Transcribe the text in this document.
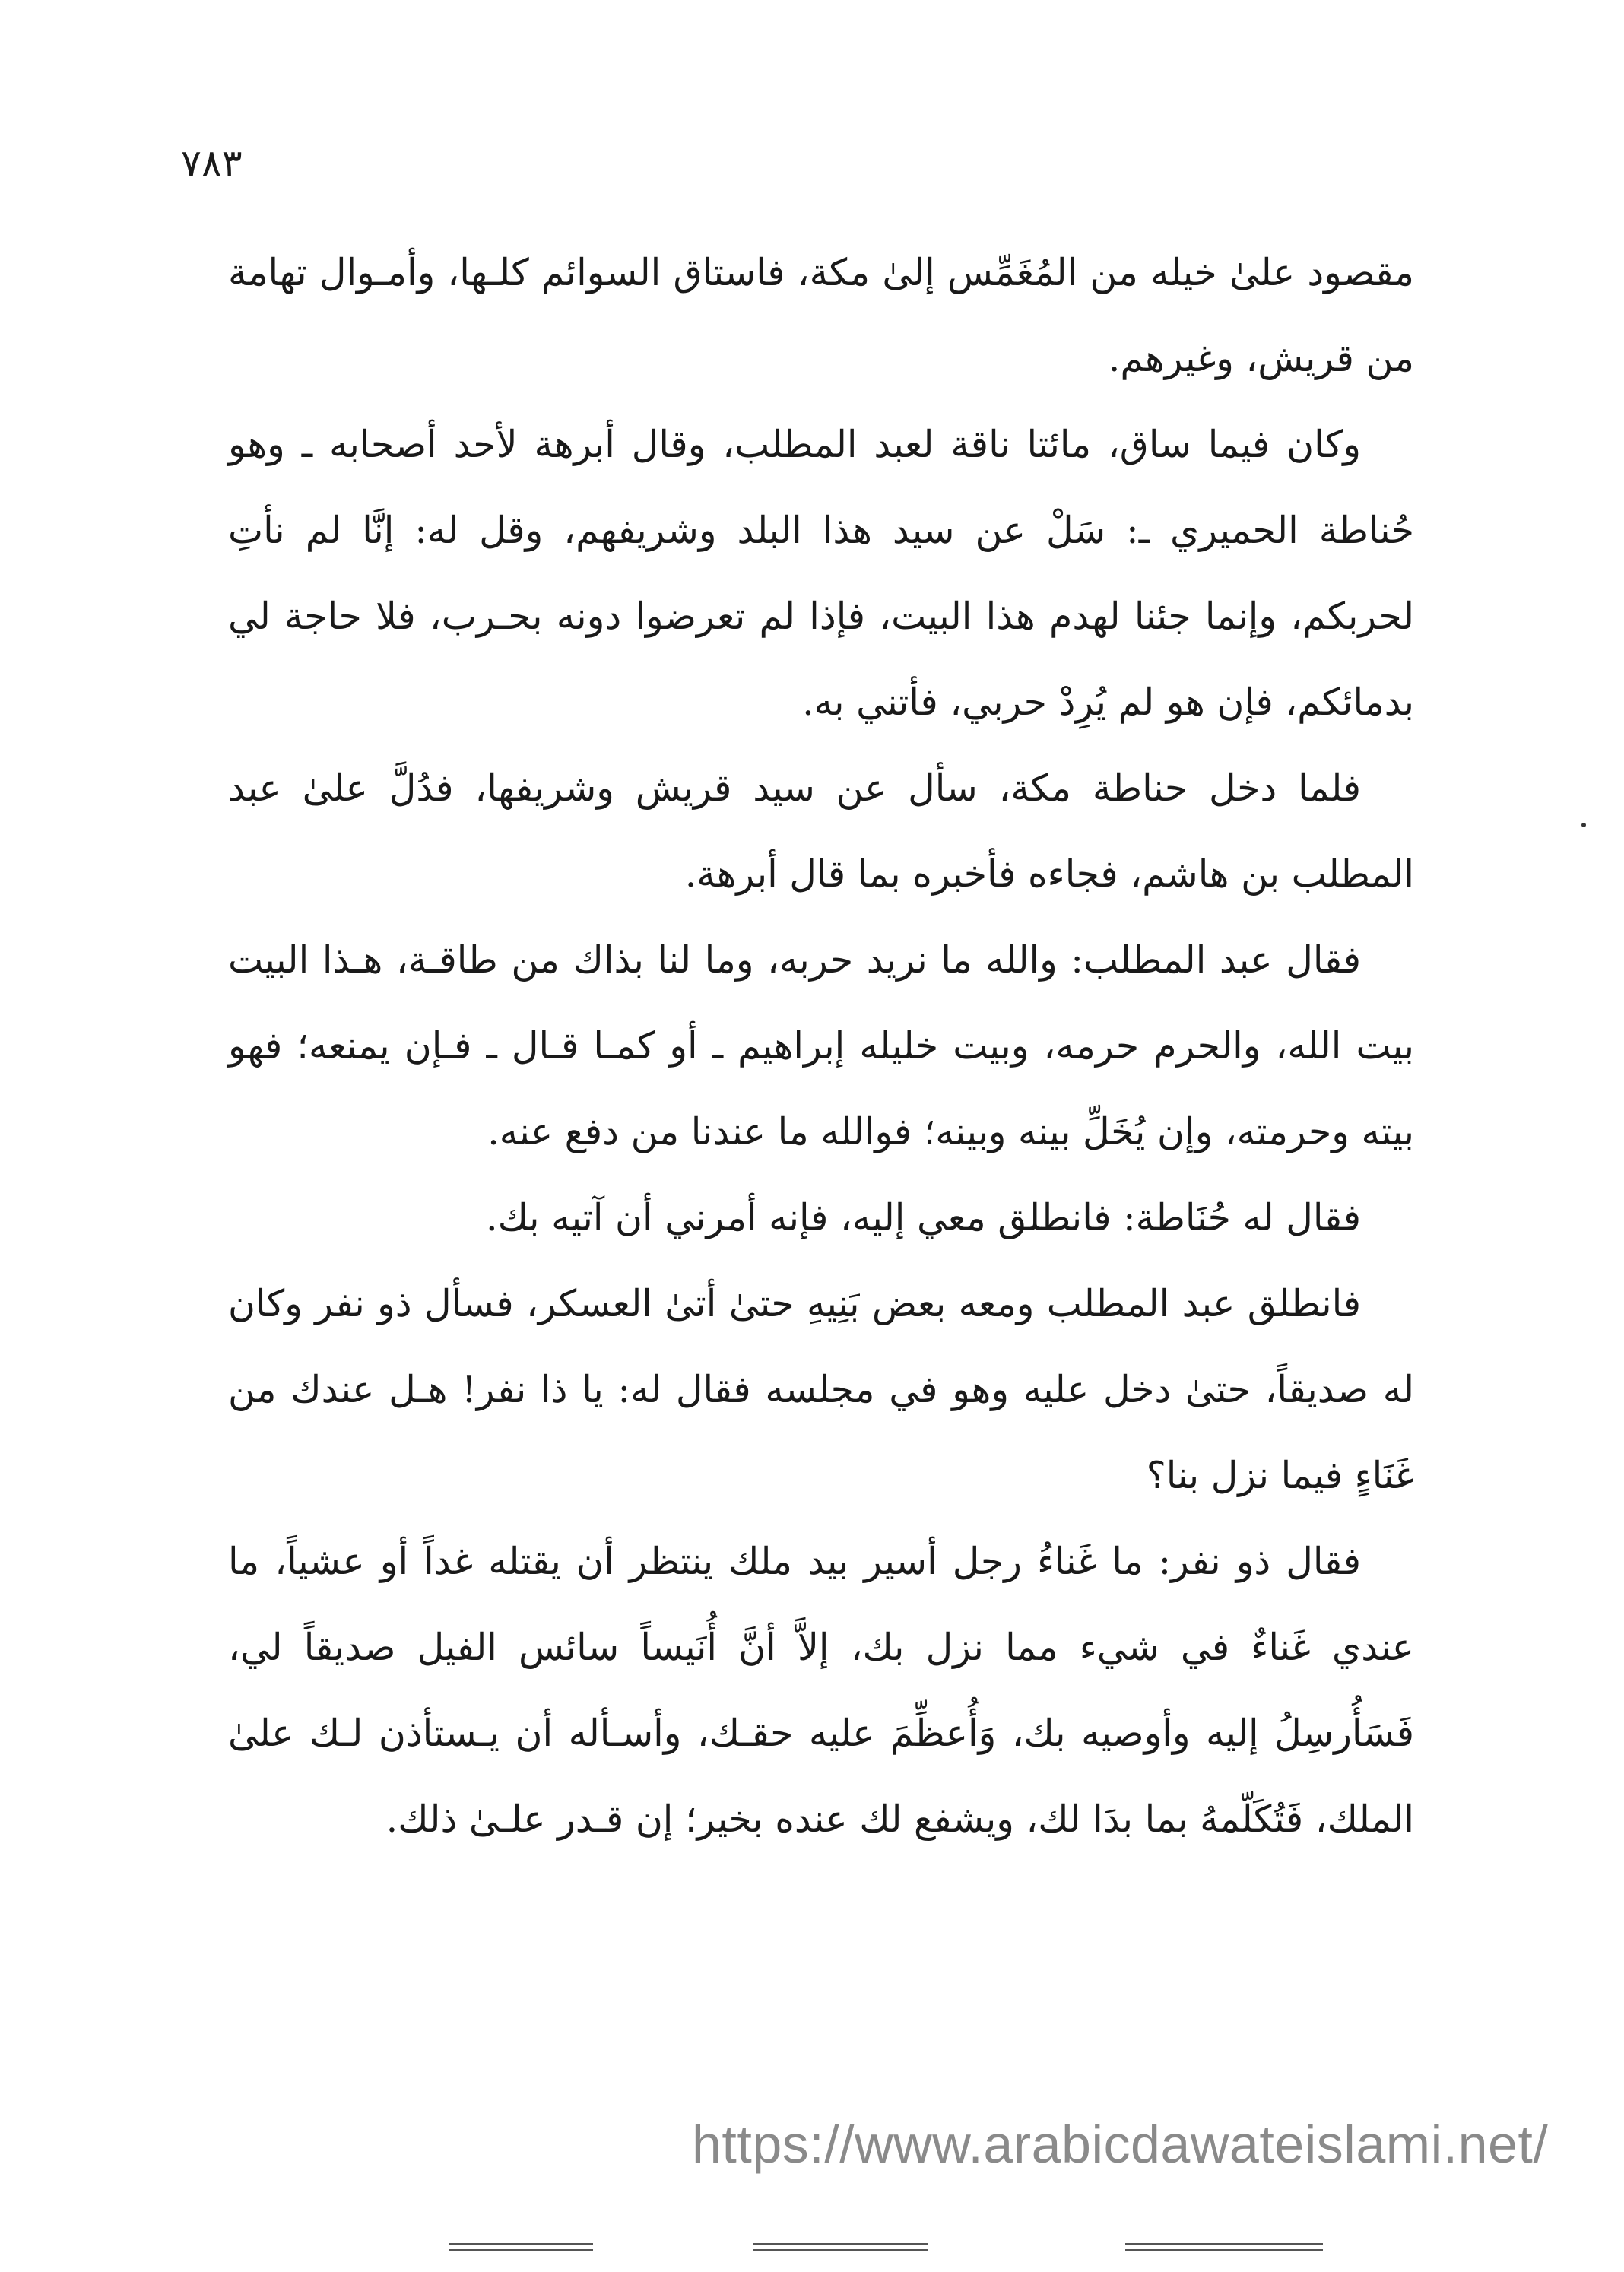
٧٨٣

مقصود علىٰ خيله من المُغَمِّس إلىٰ مكة، فاستاق السوائم كلـها، وأمـوال تهامة من قريش، وغيرهم.

وكان فيما ساق، مائتا ناقة لعبد المطلب، وقال أبرهة لأحد أصحابه ـ وهو حُناطة الحميري ـ: سَلْ عن سيد هذا البلد وشريفهم، وقل له: إنَّا لم نأتِ لحربكم، وإنما جئنا لهدم هذا البيت، فإذا لم تعرضوا دونه بحـرب، فلا حاجة لي بدمائكم، فإن هو لم يُرِدْ حربي، فأتني به.

فلما دخل حناطة مكة، سأل عن سيد قريش وشريفها، فدُلَّ علىٰ عبد المطلب بن هاشم، فجاءه فأخبره بما قال أبرهة.

فقال عبد المطلب: والله ما نريد حربه، وما لنا بذاك من طاقـة، هـذا البيت بيت الله، والحرم حرمه، وبيت خليله إبراهيم ـ أو كمـا قـال ـ فـإن يمنعه؛ فهو بيته وحرمته، وإن يُخَلِّ بينه وبينه؛ فوالله ما عندنا من دفع عنه.

فقال له حُنَاطة: فانطلق معي إليه، فإنه أمرني أن آتيه بك.

فانطلق عبد المطلب ومعه بعض بَنِيهِ حتىٰ أتىٰ العسكر، فسأل ذو نفر وكان له صديقاً، حتىٰ دخل عليه وهو في مجلسه فقال له: يا ذا نفر! هـل عندك من غَنَاءٍ فيما نزل بنا؟

فقال ذو نفر: ما غَناءُ رجل أسير بيد ملك ينتظر أن يقتله غداً أو عشياً، ما عندي غَناءٌ في شيء مما نزل بك، إلاَّ أنَّ أُنَيساً سائس الفيل صديقاً لي، فَسَأُرسِلُ إليه وأوصيه بك، وَأُعظِّمَ عليه حقـك، وأسـأله أن يـستأذن لـك علىٰ الملك، فَتُكَلّمهُ بما بدَا لك، ويشفع لك عنده بخير؛ إن قـدر علـىٰ ذلك.

https://www.arabicdawateislami.net/
